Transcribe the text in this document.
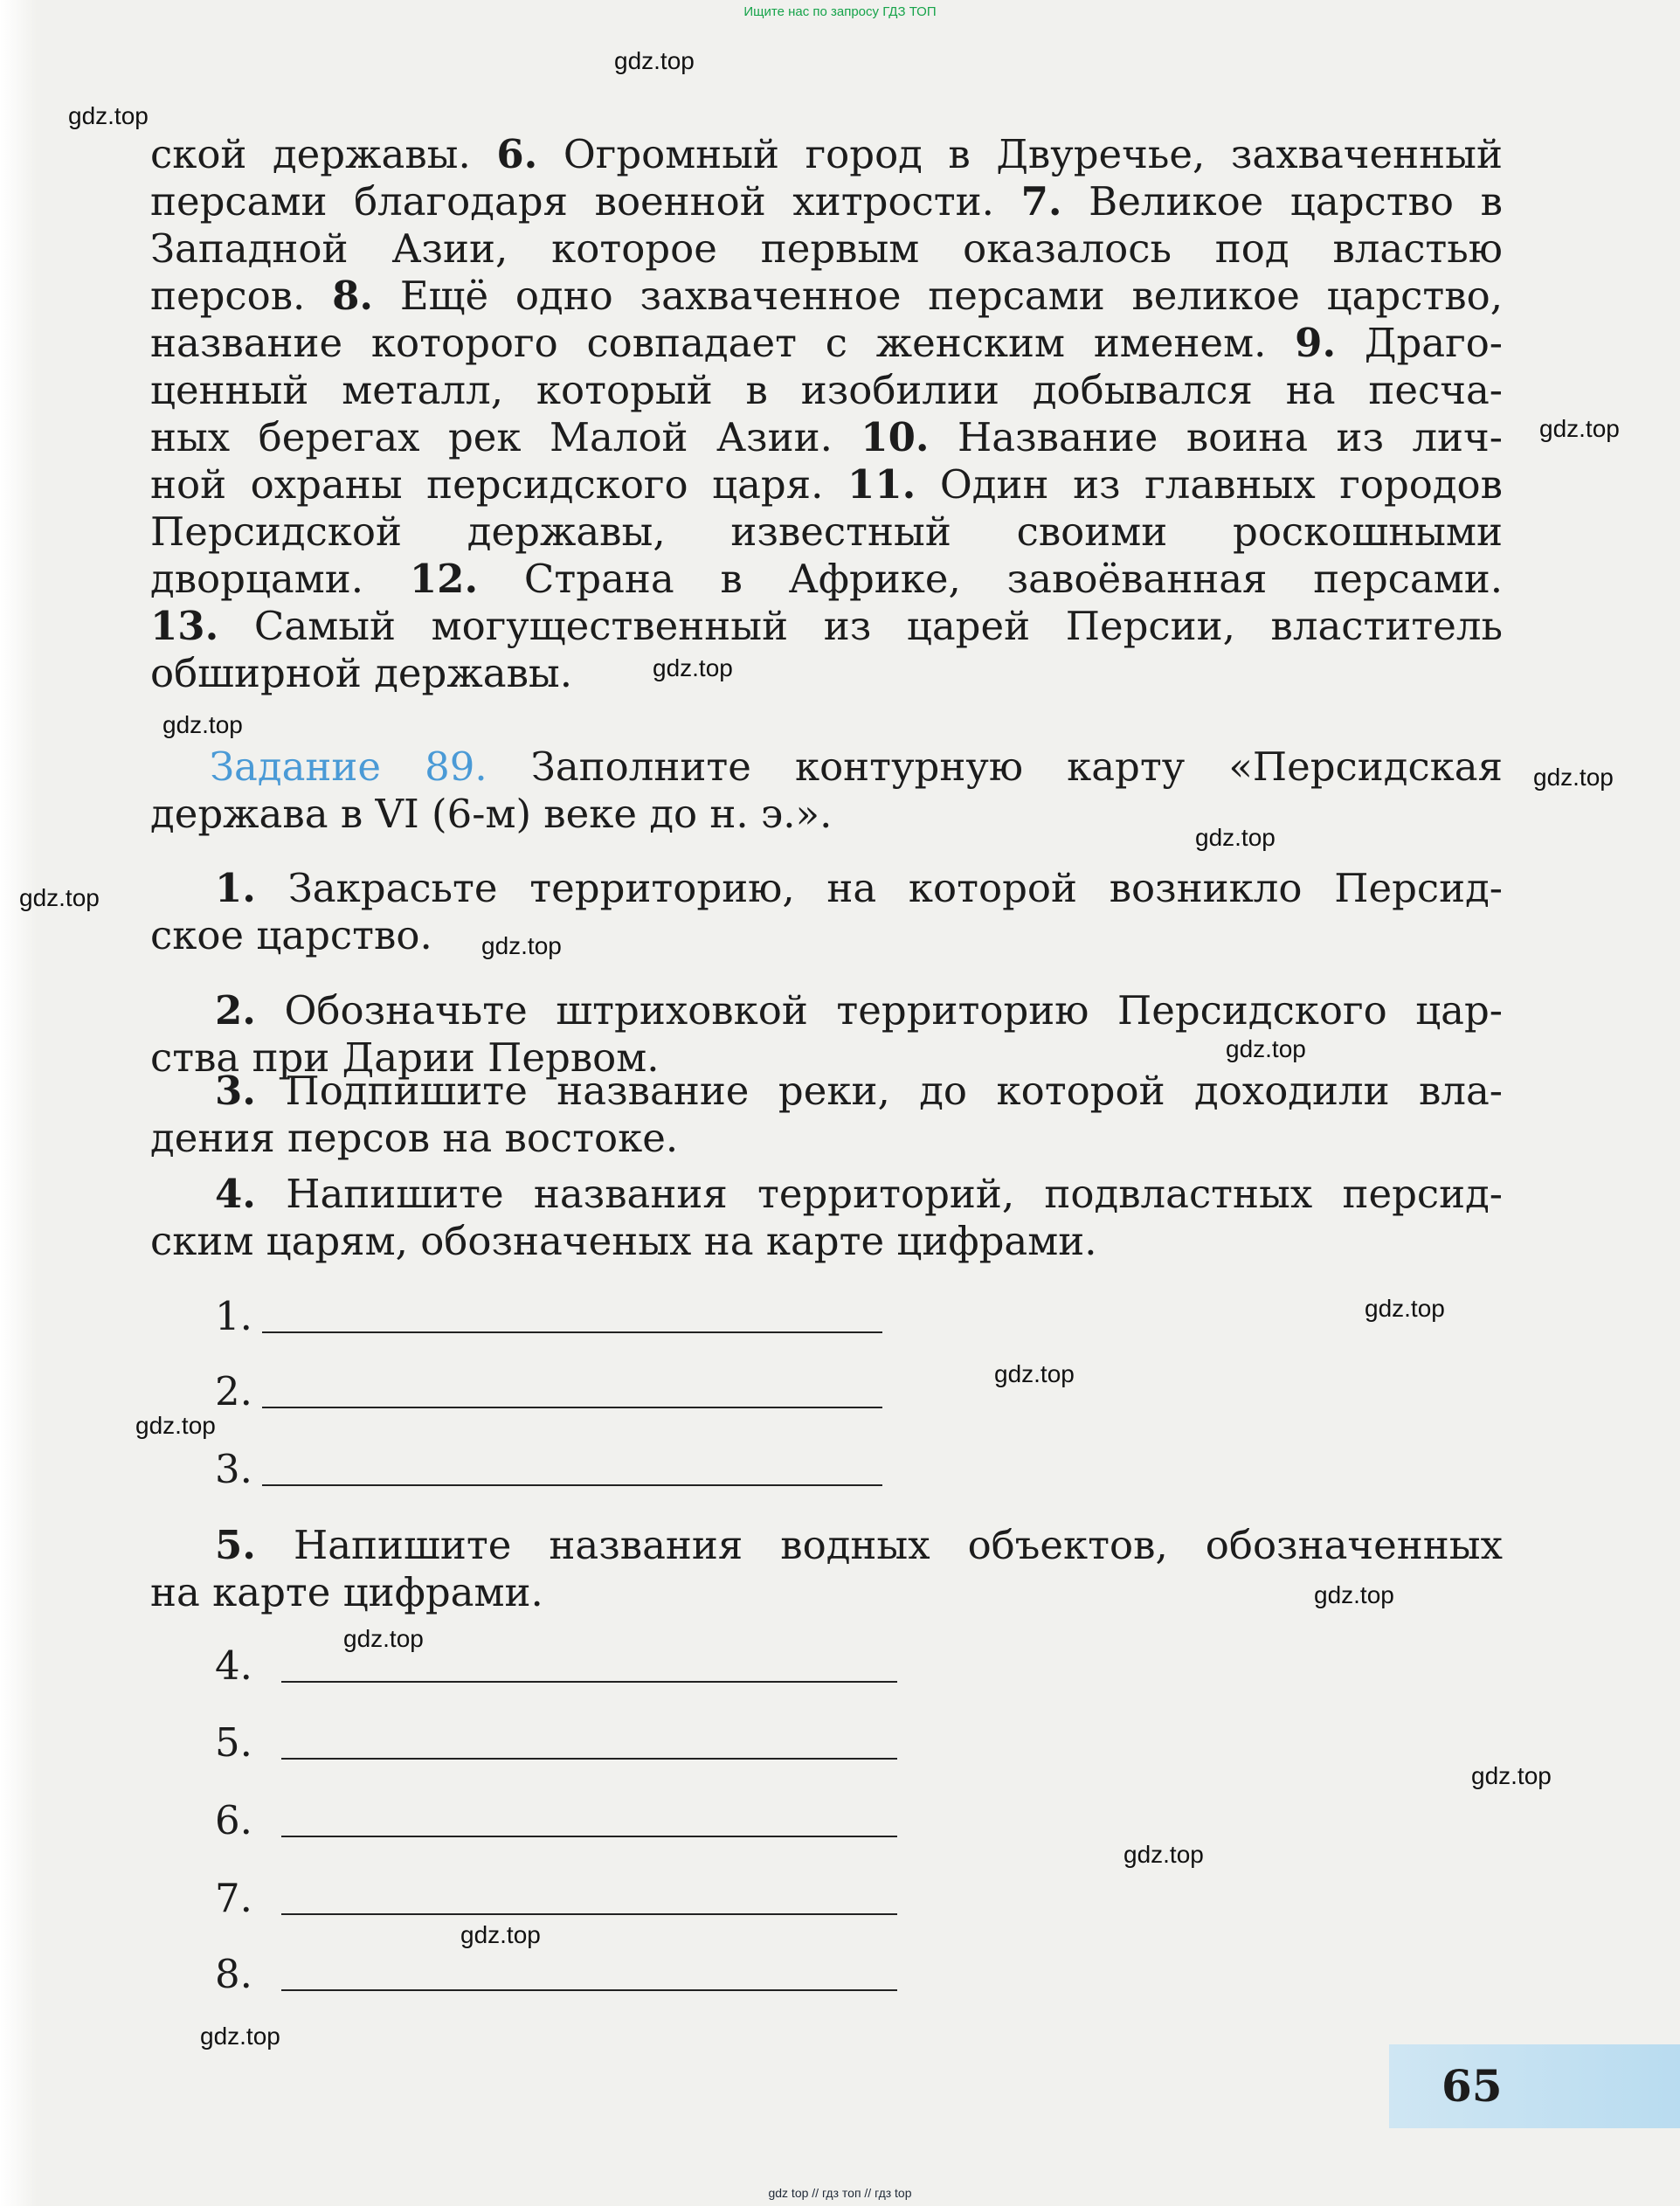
Ищите нас по запросу ГДЗ ТОП
ской державы. 6. Огромный город в Двуречье, захваченный
персами благодаря военной хитрости. 7. Великое царство в
Западной Азии, которое первым оказалось под властью
персов. 8. Ещё одно захваченное персами великое царство,
название которого совпадает с женским именем. 9. Драго-
ценный металл, который в изобилии добывался на песча-
ных берегах рек Малой Азии. 10. Название воина из лич-
ной охраны персидского царя. 11. Один из главных городов
Персидской державы, известный своими роскошными
дворцами. 12. Страна в Африке, завоёванная персами.
13. Самый могущественный из царей Персии, властитель
обширной державы.
Задание 89. Заполните контурную карту «Персидская
держава в VI (6-м) веке до н. э.».
1. Закрасьте территорию, на которой возникло Персид-
ское царство.
2. Обозначьте штриховкой территорию Персидского цар-
ства при Дарии Первом.
3. Подпишите название реки, до которой доходили вла-
дения персов на востоке.
4. Напишите названия территорий, подвластных персид-
ским царям, обозначеных на карте цифрами.
5. Напишите названия водных объектов, обозначенных
на карте цифрами.
1.
2.
3.
4.
5.
6.
7.
8.
65
gdz.top
gdz.top
gdz.top
gdz.top
gdz.top
gdz.top
gdz.top
gdz.top
gdz.top
gdz.top
gdz.top
gdz.top
gdz.top
gdz.top
gdz.top
gdz.top
gdz.top
gdz.top
gdz.top
gdz top // гдз топ // гдз top
